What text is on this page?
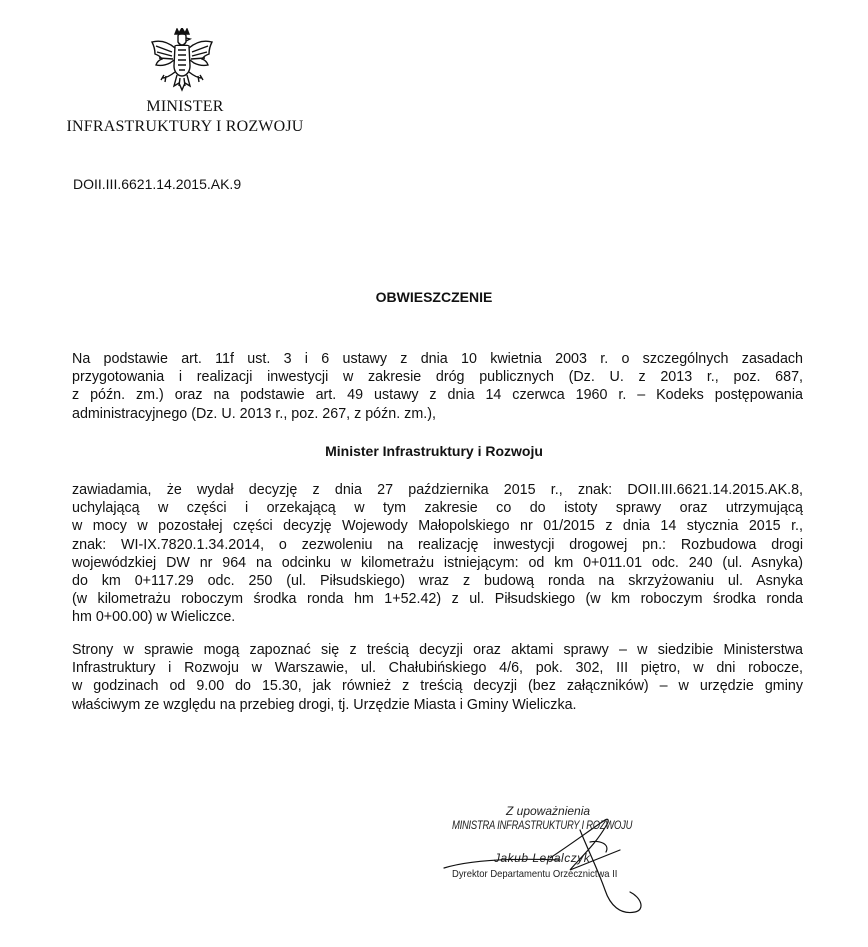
MINISTER
INFRASTRUKTURY I ROZWOJU
DOII.III.6621.14.2015.AK.9
OBWIESZCZENIE

Na podstawie art. 11f ust. 3 i 6 ustawy z dnia 10 kwietnia 2003 r. o szczególnych zasadach
przygotowania i realizacji inwestycji w zakresie dróg publicznych (Dz. U. z 2013 r., poz. 687,
z późn. zm.) oraz na podstawie art. 49 ustawy z dnia 14 czerwca 1960 r. – Kodeks postępowania
administracyjnego (Dz. U. 2013 r., poz. 267, z późn. zm.),

Minister Infrastruktury i Rozwoju

zawiadamia, że wydał decyzję z dnia 27 października 2015 r., znak: DOII.III.6621.14.2015.AK.8,
uchylającą w części i orzekającą w tym zakresie co do istoty sprawy oraz utrzymującą
w mocy w pozostałej części decyzję Wojewody Małopolskiego nr 01/2015 z dnia 14 stycznia 2015 r.,
znak: WI-IX.7820.1.34.2014, o zezwoleniu na realizację inwestycji drogowej pn.: Rozbudowa drogi
wojewódzkiej DW nr 964 na odcinku w kilometrażu istniejącym: od km 0+011.01 odc. 240 (ul. Asnyka)
do km 0+117.29 odc. 250 (ul. Piłsudskiego) wraz z budową ronda na skrzyżowaniu ul. Asnyka
(w kilometrażu roboczym środka ronda hm 1+52.42) z ul. Piłsudskiego (w km roboczym środka ronda
hm 0+00.00) w Wieliczce.

Strony w sprawie mogą zapoznać się z treścią decyzji oraz aktami sprawy – w siedzibie Ministerstwa
Infrastruktury i Rozwoju w Warszawie, ul. Chałubińskiego 4/6, pok. 302, III piętro, w dni robocze,
w godzinach od 9.00 do 15.30, jak również z treścią decyzji (bez załączników) – w urzędzie gminy
właściwym ze względu na przebieg drogi, tj. Urzędzie Miasta i Gminy Wieliczka.

Z upoważnienia
MINISTRA INFRASTRUKTURY I ROZWOJU
Jakub Lepalczyk
Dyrektor Departamentu Orzecznictwa II
